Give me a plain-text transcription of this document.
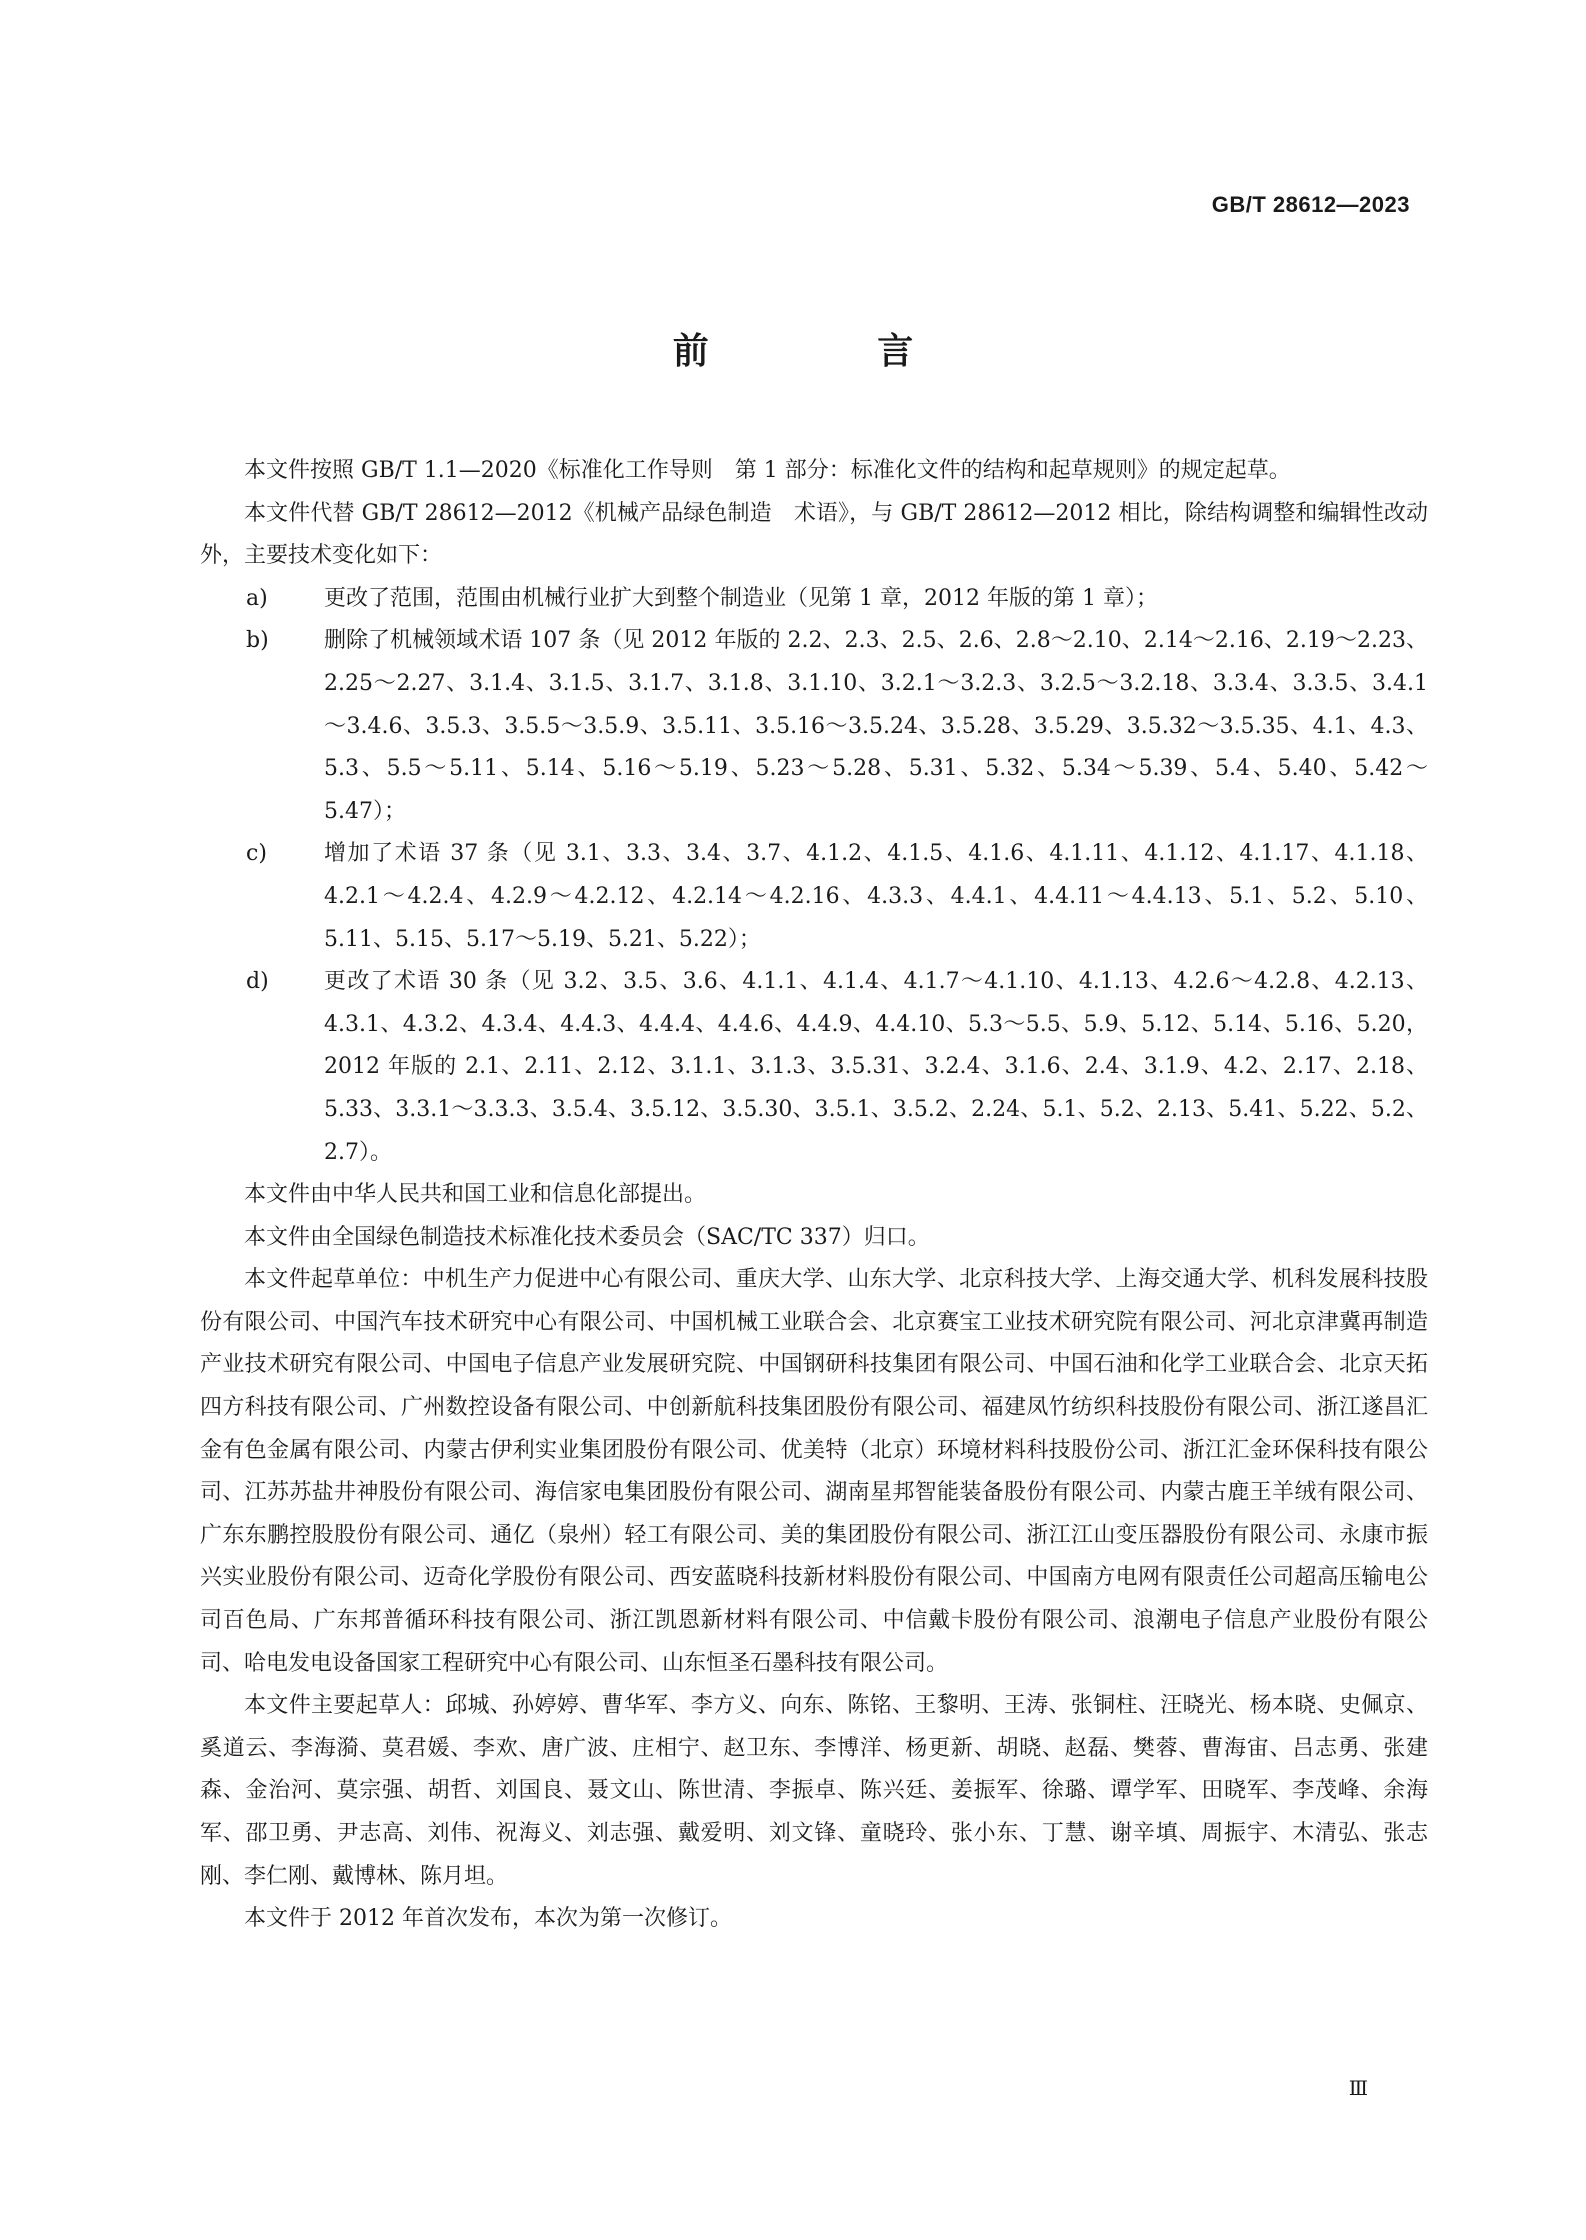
GB/T 28612—2023
前 言

本文件按照 GB/T 1.1—2020《标准化工作导则　第 1 部分：标准化文件的结构和起草规则》的规定起草。

本文件代替 GB/T 28612—2012《机械产品绿色制造　术语》，与 GB/T 28612—2012 相比，除结构调整和编辑性改动外，主要技术变化如下：

a)	更改了范围，范围由机械行业扩大到整个制造业（见第 1 章，2012 年版的第 1 章）；
b)	删除了机械领域术语 107 条（见 2012 年版的 2.2、2.3、2.5、2.6、2.8～2.10、2.14～2.16、2.19～2.23、2.25～2.27、3.1.4、3.1.5、3.1.7、3.1.8、3.1.10、3.2.1～3.2.3、3.2.5～3.2.18、3.3.4、3.3.5、3.4.1～3.4.6、3.5.3、3.5.5～3.5.9、3.5.11、3.5.16～3.5.24、3.5.28、3.5.29、3.5.32～3.5.35、4.1、4.3、5.3、5.5～5.11、5.14、5.16～5.19、5.23～5.28、5.31、5.32、5.34～5.39、5.4、5.40、5.42～5.47）；
c)	增加了术语 37 条（见 3.1、3.3、3.4、3.7、4.1.2、4.1.5、4.1.6、4.1.11、4.1.12、4.1.17、4.1.18、4.2.1～4.2.4、4.2.9～4.2.12、4.2.14～4.2.16、4.3.3、4.4.1、4.4.11～4.4.13、5.1、5.2、5.10、5.11、5.15、5.17～5.19、5.21、5.22）；
d)	更改了术语 30 条（见 3.2、3.5、3.6、4.1.1、4.1.4、4.1.7～4.1.10、4.1.13、4.2.6～4.2.8、4.2.13、4.3.1、4.3.2、4.3.4、4.4.3、4.4.4、4.4.6、4.4.9、4.4.10、5.3～5.5、5.9、5.12、5.14、5.16、5.20，2012 年版的 2.1、2.11、2.12、3.1.1、3.1.3、3.5.31、3.2.4、3.1.6、2.4、3.1.9、4.2、2.17、2.18、5.33、3.3.1～3.3.3、3.5.4、3.5.12、3.5.30、3.5.1、3.5.2、2.24、5.1、5.2、2.13、5.41、5.22、5.2、2.7）。

本文件由中华人民共和国工业和信息化部提出。

本文件由全国绿色制造技术标准化技术委员会（SAC/TC 337）归口。

本文件起草单位：中机生产力促进中心有限公司、重庆大学、山东大学、北京科技大学、上海交通大学、机科发展科技股份有限公司、中国汽车技术研究中心有限公司、中国机械工业联合会、北京赛宝工业技术研究院有限公司、河北京津冀再制造产业技术研究有限公司、中国电子信息产业发展研究院、中国钢研科技集团有限公司、中国石油和化学工业联合会、北京天拓四方科技有限公司、广州数控设备有限公司、中创新航科技集团股份有限公司、福建凤竹纺织科技股份有限公司、浙江遂昌汇金有色金属有限公司、内蒙古伊利实业集团股份有限公司、优美特（北京）环境材料科技股份公司、浙江汇金环保科技有限公司、江苏苏盐井神股份有限公司、海信家电集团股份有限公司、湖南星邦智能装备股份有限公司、内蒙古鹿王羊绒有限公司、广东东鹏控股股份有限公司、通亿（泉州）轻工有限公司、美的集团股份有限公司、浙江江山变压器股份有限公司、永康市振兴实业股份有限公司、迈奇化学股份有限公司、西安蓝晓科技新材料股份有限公司、中国南方电网有限责任公司超高压输电公司百色局、广东邦普循环科技有限公司、浙江凯恩新材料有限公司、中信戴卡股份有限公司、浪潮电子信息产业股份有限公司、哈电发电设备国家工程研究中心有限公司、山东恒圣石墨科技有限公司。

本文件主要起草人：邱城、孙婷婷、曹华军、李方义、向东、陈铭、王黎明、王涛、张铜柱、汪晓光、杨本晓、史佩京、奚道云、李海漪、莫君媛、李欢、唐广波、庄相宁、赵卫东、李博洋、杨更新、胡晓、赵磊、樊蓉、曹海宙、吕志勇、张建森、金治河、莫宗强、胡哲、刘国良、聂文山、陈世清、李振卓、陈兴廷、姜振军、徐璐、谭学军、田晓军、李茂峰、余海军、邵卫勇、尹志高、刘伟、祝海义、刘志强、戴爱明、刘文锋、童晓玲、张小东、丁慧、谢辛填、周振宇、木清弘、张志刚、李仁刚、戴博林、陈月坦。

本文件于 2012 年首次发布，本次为第一次修订。

Ⅲ
